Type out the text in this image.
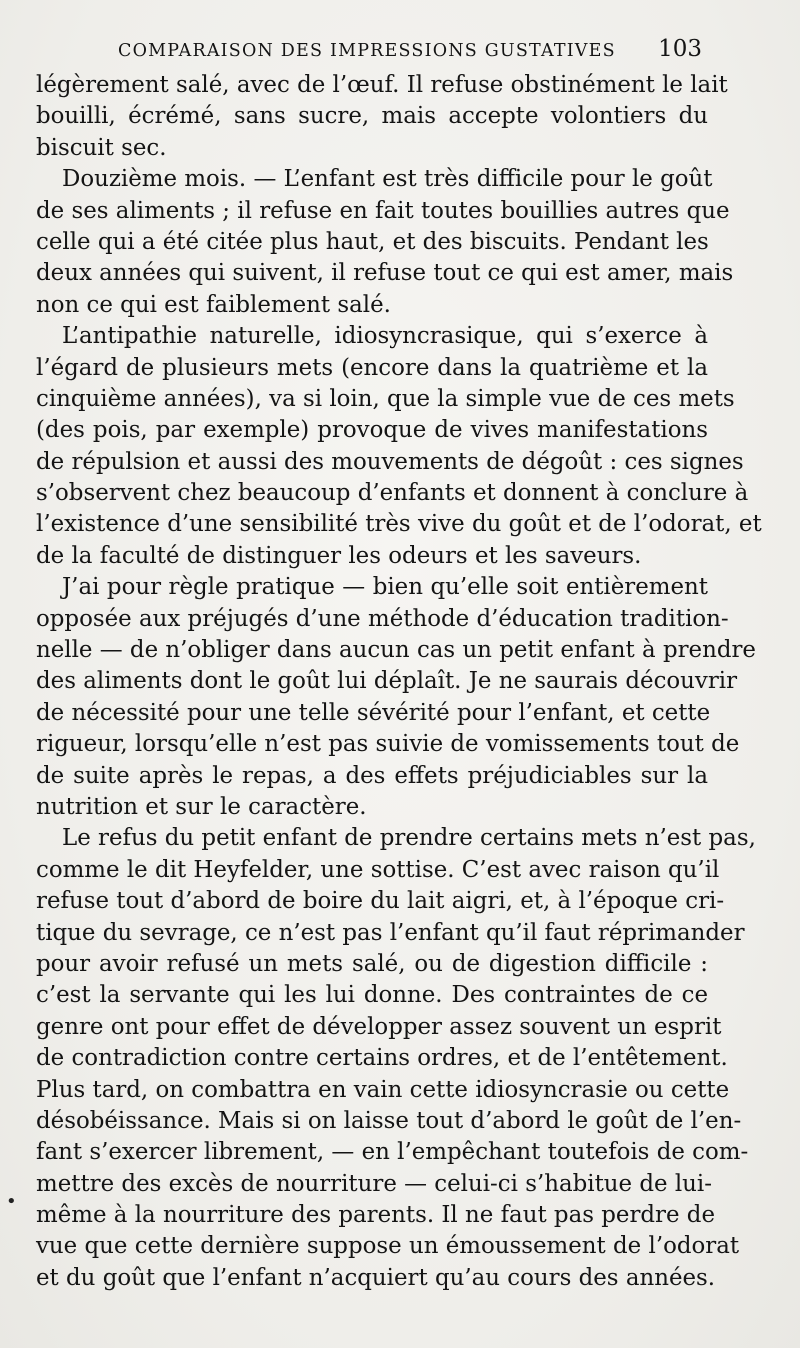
COMPARAISON DES IMPRESSIONS GUSTATIVES 103
légèrement salé, avec de l’œuf. Il refuse obstinément le lait
bouilli, écrémé, sans sucre, mais accepte volontiers du
biscuit sec.
Douzième mois. — L’enfant est très difficile pour le goût
de ses aliments ; il refuse en fait toutes bouillies autres que
celle qui a été citée plus haut, et des biscuits. Pendant les
deux années qui suivent, il refuse tout ce qui est amer, mais
non ce qui est faiblement salé.
L’antipathie naturelle, idiosyncrasique, qui s’exerce à
l’égard de plusieurs mets (encore dans la quatrième et la
cinquième années), va si loin, que la simple vue de ces mets
(des pois, par exemple) provoque de vives manifestations
de répulsion et aussi des mouvements de dégoût : ces signes
s’observent chez beaucoup d’enfants et donnent à conclure à
l’existence d’une sensibilité très vive du goût et de l’odorat, et
de la faculté de distinguer les odeurs et les saveurs.
J’ai pour règle pratique — bien qu’elle soit entièrement
opposée aux préjugés d’une méthode d’éducation tradition-
nelle — de n’obliger dans aucun cas un petit enfant à prendre
des aliments dont le goût lui déplaît. Je ne saurais découvrir
de nécessité pour une telle sévérité pour l’enfant, et cette
rigueur, lorsqu’elle n’est pas suivie de vomissements tout de
de suite après le repas, a des effets préjudiciables sur la
nutrition et sur le caractère.
Le refus du petit enfant de prendre certains mets n’est pas,
comme le dit Heyfelder, une sottise. C’est avec raison qu’il
refuse tout d’abord de boire du lait aigri, et, à l’époque cri-
tique du sevrage, ce n’est pas l’enfant qu’il faut réprimander
pour avoir refusé un mets salé, ou de digestion difficile :
c’est la servante qui les lui donne. Des contraintes de ce
genre ont pour effet de développer assez souvent un esprit
de contradiction contre certains ordres, et de l’entêtement.
Plus tard, on combattra en vain cette idiosyncrasie ou cette
désobéissance. Mais si on laisse tout d’abord le goût de l’en-
fant s’exercer librement, — en l’empêchant toutefois de com-
mettre des excès de nourriture — celui-ci s’habitue de lui-
même à la nourriture des parents. Il ne faut pas perdre de
vue que cette dernière suppose un émoussement de l’odorat
et du goût que l’enfant n’acquiert qu’au cours des années.
•
